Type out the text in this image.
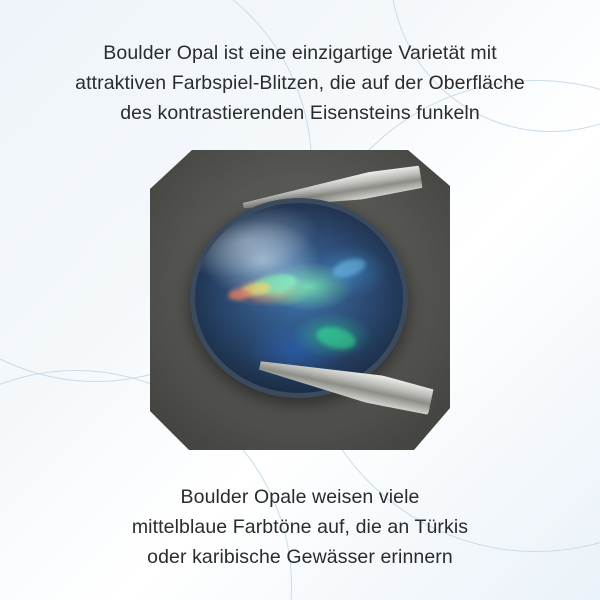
Boulder Opal ist eine einzigartige Varietät mit
attraktiven Farbspiel-Blitzen, die auf der Oberfläche
des kontrastierenden Eisensteins funkeln
Boulder Opale weisen viele
mittelblaue Farbtöne auf, die an Türkis
oder karibische Gewässer erinnern
